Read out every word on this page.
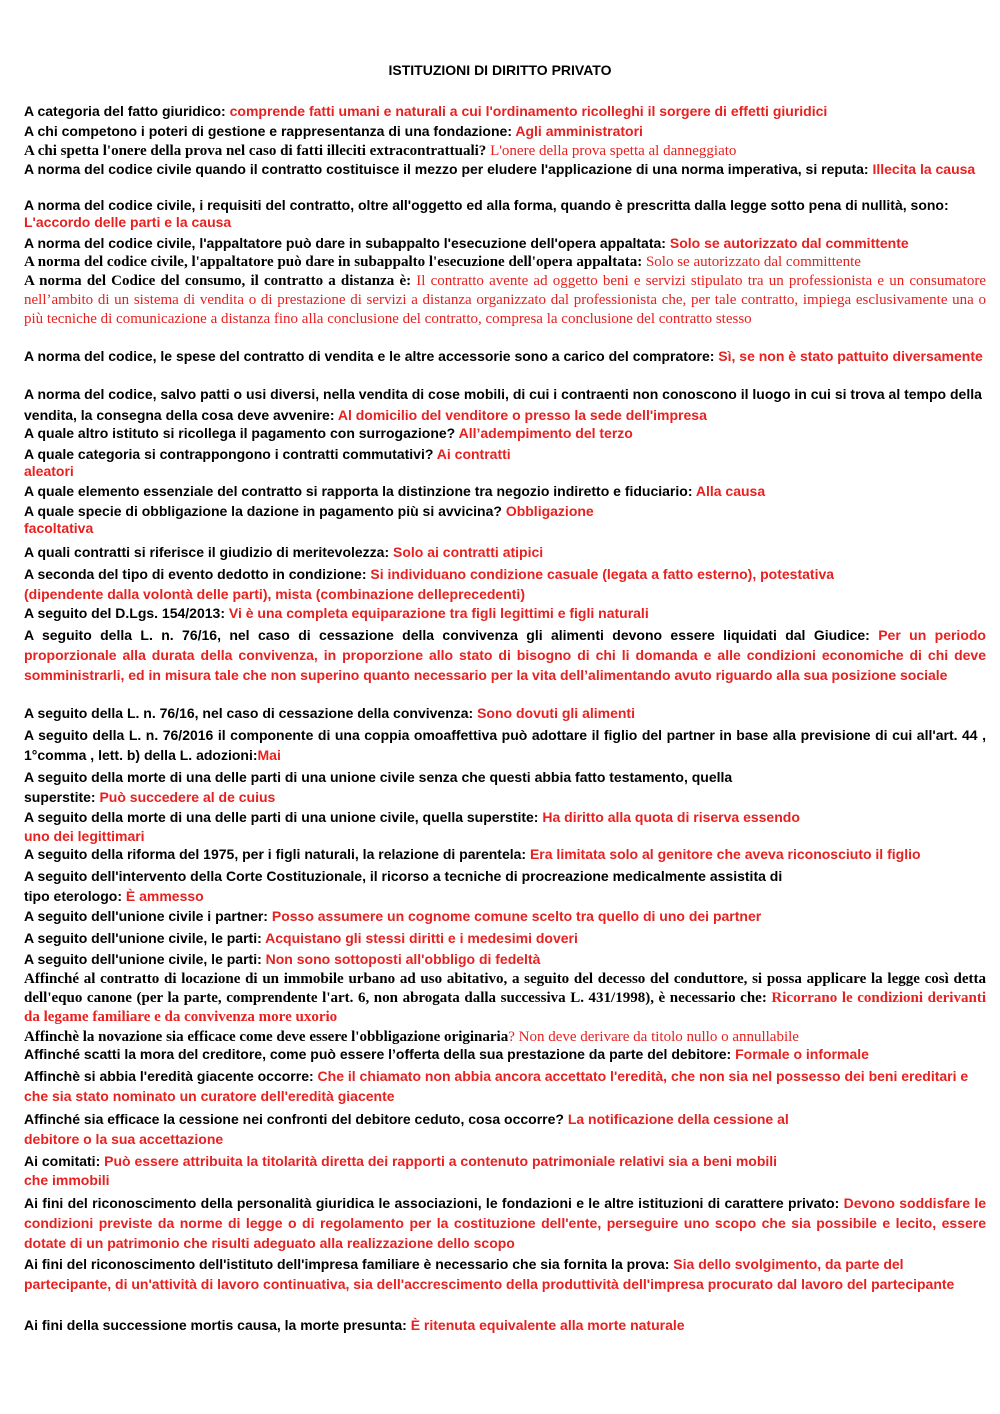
ISTITUZIONI DI DIRITTO PRIVATO

A categoria del fatto giuridico: comprende fatti umani e naturali a cui l'ordinamento ricolleghi il sorgere di effetti giuridici

A chi competono i poteri di gestione e rappresentanza di una fondazione: Agli amministratori

A chi spetta l'onere della prova nel caso di fatti illeciti extracontrattuali? L'onere della prova spetta al danneggiato

A norma del codice civile quando il contratto costituisce il mezzo per eludere l'applicazione di una norma imperativa, si reputa: Illecita la causa

A norma del codice civile, i requisiti del contratto, oltre all'oggetto ed alla forma, quando è prescritta dalla legge sotto pena di nullità, sono: L'accordo delle parti e la causa

A norma del codice civile, l'appaltatore può dare in subappalto l'esecuzione dell'opera appaltata: Solo se autorizzato dal committente

A norma del codice civile, l'appaltatore può dare in subappalto l'esecuzione dell'opera appaltata: Solo se autorizzato dal committente

A norma del Codice del consumo, il contratto a distanza è: Il contratto avente ad oggetto beni e servizi stipulato tra un professionista e un consumatore nell’ambito di un sistema di vendita o di prestazione di servizi a distanza organizzato dal professionista che, per tale contratto, impiega esclusivamente una o più tecniche di comunicazione a distanza fino alla conclusione del contratto, compresa la conclusione del contratto stesso

A norma del codice, le spese del contratto di vendita e le altre accessorie sono a carico del compratore: Sì, se non è stato pattuito diversamente

A norma del codice, salvo patti o usi diversi, nella vendita di cose mobili, di cui i contraenti non conoscono il luogo in cui si trova al tempo della vendita, la consegna della cosa deve avvenire: Al domicilio del venditore o presso la sede dell'impresa

A quale altro istituto si ricollega il pagamento con surrogazione? All’adempimento del terzo

A quale categoria si contrappongono i contratti commutativi? Ai contratti
aleatori

A quale elemento essenziale del contratto si rapporta la distinzione tra negozio indiretto e fiduciario: Alla causa

A quale specie di obbligazione la dazione in pagamento più si avvicina? Obbligazione
facoltativa

A quali contratti si riferisce il giudizio di meritevolezza: Solo ai contratti atipici

A seconda del tipo di evento dedotto in condizione: Si individuano condizione casuale (legata a fatto esterno), potestativa
(dipendente dalla volontà delle parti), mista (combinazione delleprecedenti)

A seguito del D.Lgs. 154/2013: Vi è una completa equiparazione tra figli legittimi e figli naturali

A seguito della L. n. 76/16, nel caso di cessazione della convivenza gli alimenti devono essere liquidati dal Giudice: Per un periodo proporzionale alla durata della convivenza, in proporzione allo stato di bisogno di chi li domanda e alle condizioni economiche di chi deve somministrarli, ed in misura tale che non superino quanto necessario per la vita dell’alimentando avuto riguardo alla sua posizione sociale

A seguito della L. n. 76/16, nel caso di cessazione della convivenza: Sono dovuti gli alimenti

A seguito della L. n. 76/2016 il componente di una coppia omoaffettiva può adottare il figlio del partner in base alla previsione di cui all'art. 44 , 1°comma , lett. b) della L. adozioni:Mai

A seguito della morte di una delle parti di una unione civile senza che questi abbia fatto testamento, quella
superstite: Può succedere al de cuius

A seguito della morte di una delle parti di una unione civile, quella superstite: Ha diritto alla quota di riserva essendo
uno dei legittimari

A seguito della riforma del 1975, per i figli naturali, la relazione di parentela: Era limitata solo al genitore che aveva riconosciuto il figlio

A seguito dell'intervento della Corte Costituzionale, il ricorso a tecniche di procreazione medicalmente assistita di
tipo eterologo: È ammesso

A seguito dell'unione civile i partner: Posso assumere un cognome comune scelto tra quello di uno dei partner

A seguito dell'unione civile, le parti: Acquistano gli stessi diritti e i medesimi doveri

A seguito dell'unione civile, le parti: Non sono sottoposti all'obbligo di fedeltà

Affinché al contratto di locazione di un immobile urbano ad uso abitativo, a seguito del decesso del conduttore, si possa applicare la legge così detta dell'equo canone (per la parte, comprendente l'art. 6, non abrogata dalla successiva L. 431/1998), è necessario che: Ricorrano le condizioni derivanti da legame familiare e da convivenza more uxorio

Affinchè la novazione sia efficace come deve essere l'obbligazione originaria? Non deve derivare da titolo nullo o annullabile

Affinché scatti la mora del creditore, come può essere l’offerta della sua prestazione da parte del debitore: Formale o informale

Affinchè si abbia l'eredità giacente occorre: Che il chiamato non abbia ancora accettato l'eredità, che non sia nel possesso dei beni ereditari e che sia stato nominato un curatore dell'eredità giacente

Affinché sia efficace la cessione nei confronti del debitore ceduto, cosa occorre? La notificazione della cessione al
debitore o la sua accettazione

Ai comitati: Può essere attribuita la titolarità diretta dei rapporti a contenuto patrimoniale relativi sia a beni mobili
che immobili

Ai fini del riconoscimento della personalità giuridica le associazioni, le fondazioni e le altre istituzioni di carattere privato: Devono soddisfare le condizioni previste da norme di legge o di regolamento per la costituzione dell'ente, perseguire uno scopo che sia possibile e lecito, essere dotate di un patrimonio che risulti adeguato alla realizzazione dello scopo

Ai fini del riconoscimento dell'istituto dell'impresa familiare è necessario che sia fornita la prova: Sia dello svolgimento, da parte del partecipante, di un'attività di lavoro continuativa, sia dell'accrescimento della produttività dell'impresa procurato dal lavoro del partecipante

Ai fini della successione mortis causa, la morte presunta: È ritenuta equivalente alla morte naturale
